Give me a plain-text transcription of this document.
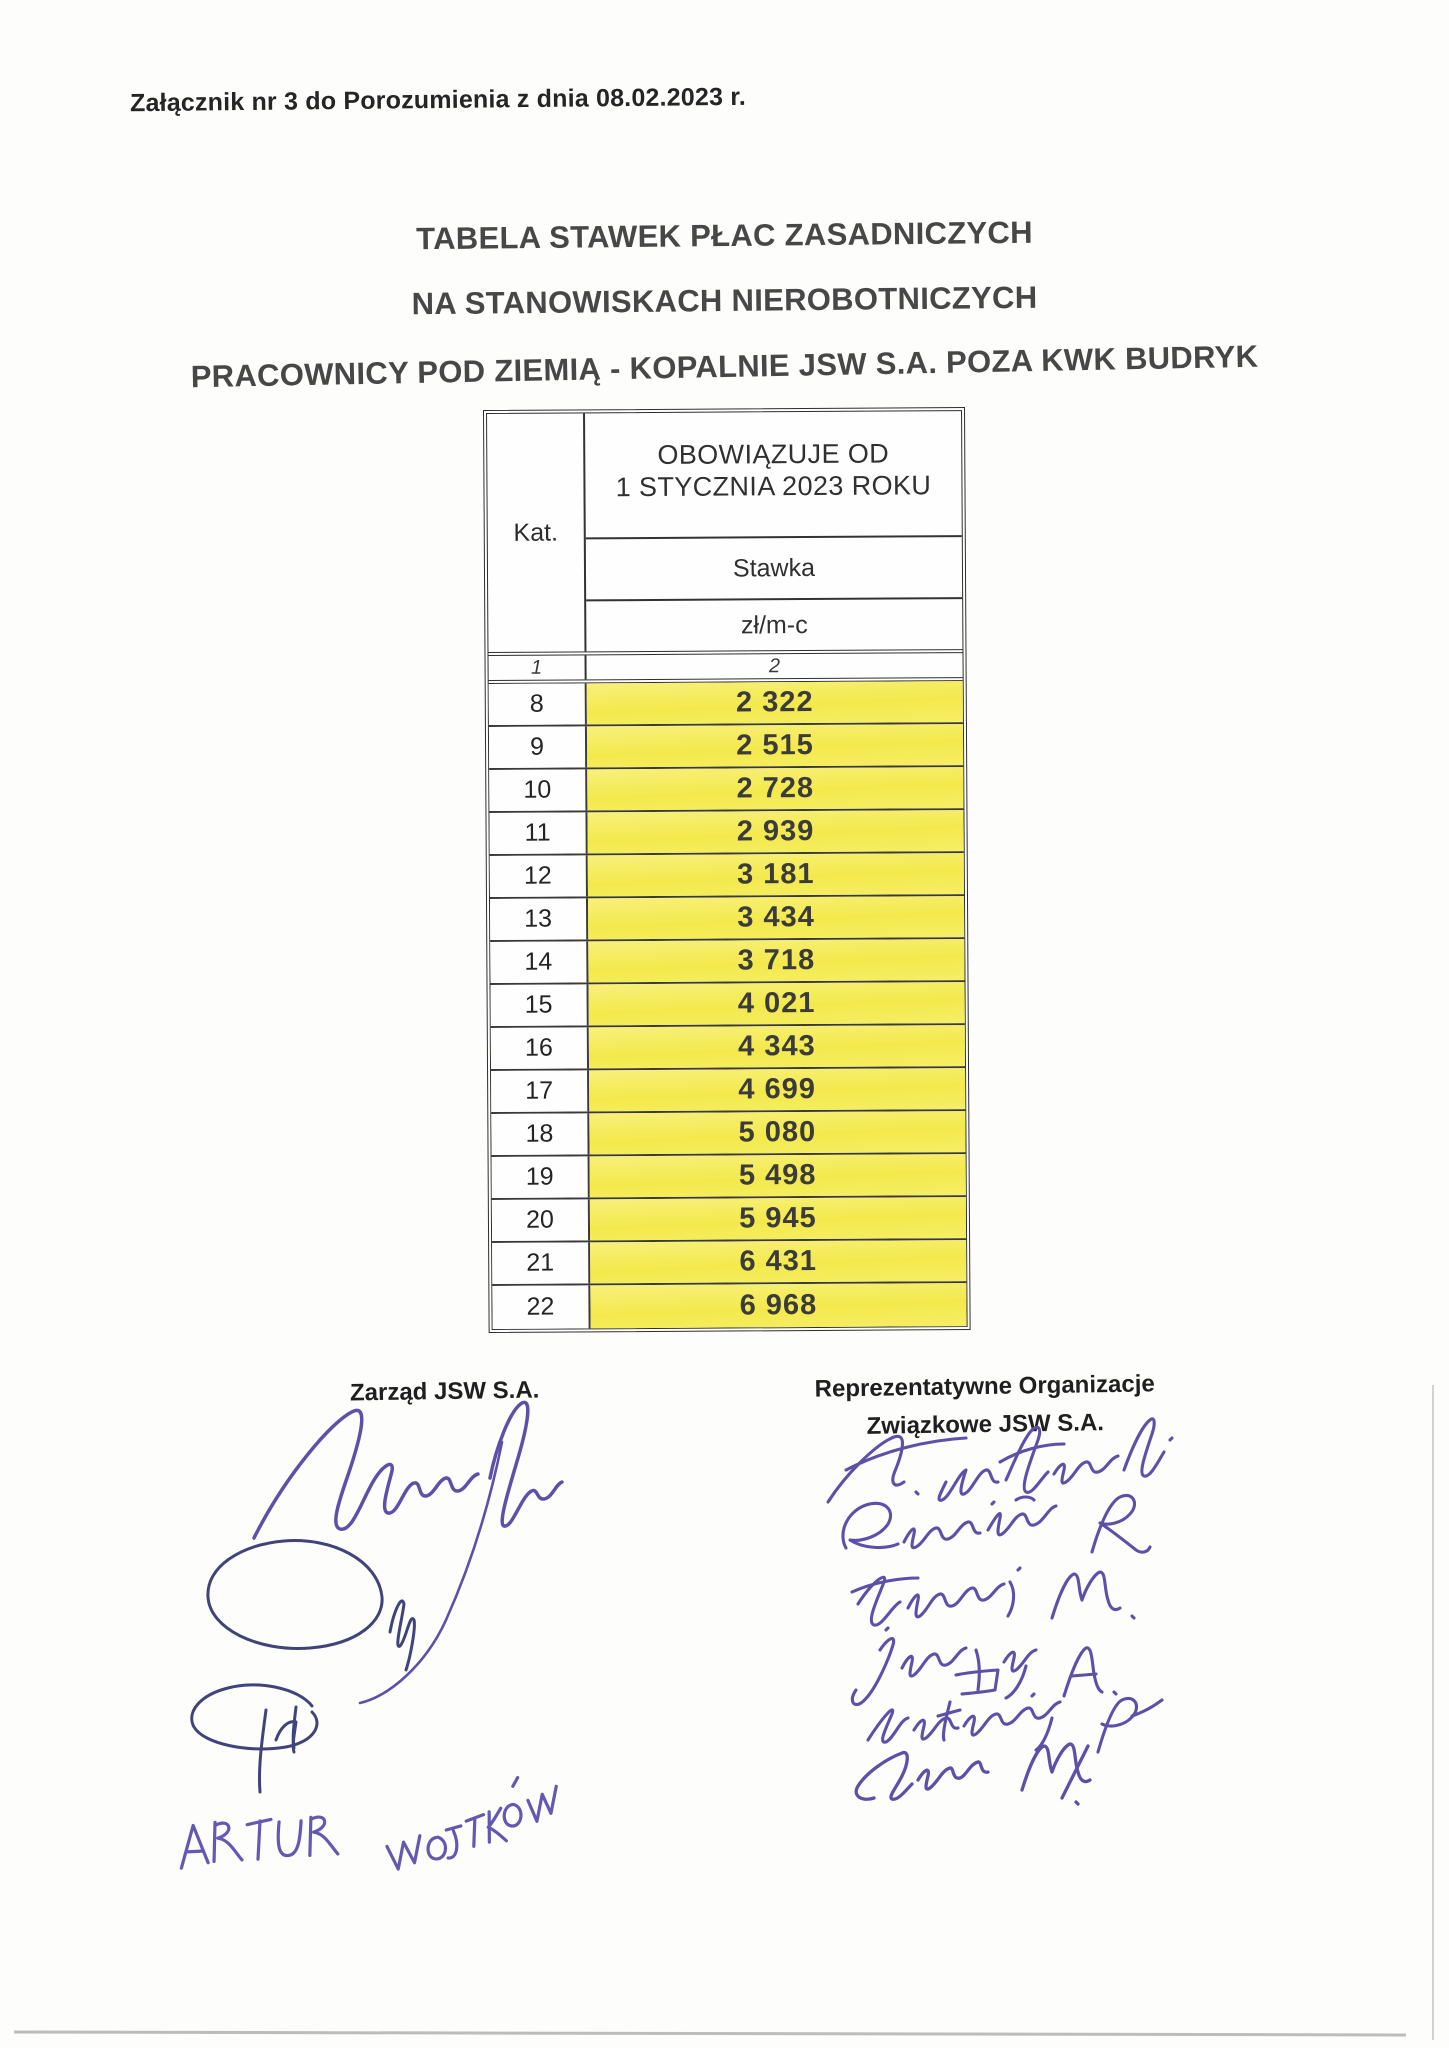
Załącznik nr 3 do Porozumienia z dnia 08.02.2023 r.
TABELA STAWEK PŁAC ZASADNICZYCH
NA STANOWISKACH NIEROBOTNICZYCH
PRACOWNICY POD ZIEMIĄ - KOPALNIE JSW S.A. POZA KWK BUDRYK
Kat.
OBOWIĄZUJE OD
1 STYCZNIA 2023 ROKU
Stawka
zł/m-c
1	2
8	2 322
9	2 515
10	2 728
11	2 939
12	3 181
13	3 434
14	3 718
15	4 021
16	4 343
17	4 699
18	5 080
19	5 498
20	5 945
21	6 431
22	6 968
Zarząd JSW S.A.	Reprezentatywne Organizacje
Związkowe JSW S.A.
